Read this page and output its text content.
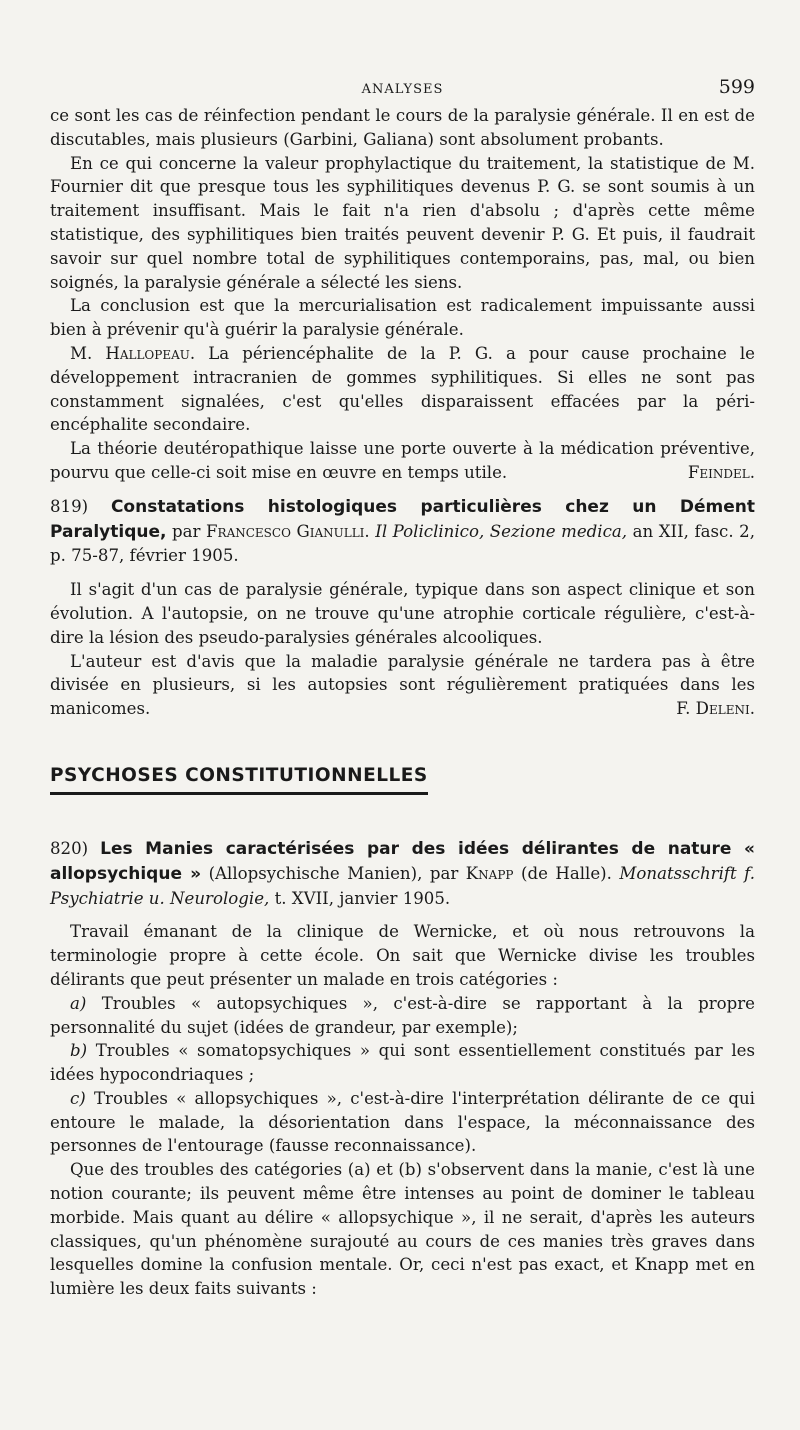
ANALYSES	599

ce sont les cas de réinfection pendant le cours de la paralysie générale. Il en est de discutables, mais plusieurs (Garbini, Galiana) sont absolument probants.

En ce qui concerne la valeur prophylactique du traitement, la statistique de M. Fournier dit que presque tous les syphilitiques devenus P. G. se sont soumis à un traitement insuffisant. Mais le fait n'a rien d'absolu ; d'après cette même statistique, des syphilitiques bien traités peuvent devenir P. G. Et puis, il faudrait savoir sur quel nombre total de syphilitiques contemporains, pas, mal, ou bien soignés, la paralysie générale a sélecté les siens.

La conclusion est que la mercurialisation est radicalement impuissante aussi bien à prévenir qu'à guérir la paralysie générale.

M. Hallopeau. La périencéphalite de la P. G. a pour cause prochaine le développement intracranien de gommes syphilitiques. Si elles ne sont pas constamment signalées, c'est qu'elles disparaissent effacées par la péri-encéphalite secondaire.

La théorie deutéropathique laisse une porte ouverte à la médication préventive, pourvu que celle-ci soit mise en œuvre en temps utile.	Feindel.

819) Constatations histologiques particulières chez un Dément Paralytique, par Francesco Gianulli. Il Policlinico, Sezione medica, an XII, fasc. 2, p. 75-87, février 1905.

Il s'agit d'un cas de paralysie générale, typique dans son aspect clinique et son évolution. A l'autopsie, on ne trouve qu'une atrophie corticale régulière, c'est-à-dire la lésion des pseudo-paralysies générales alcooliques.

L'auteur est d'avis que la maladie paralysie générale ne tardera pas à être divisée en plusieurs, si les autopsies sont régulièrement pratiquées dans les manicomes.	F. Deleni.

PSYCHOSES CONSTITUTIONNELLES

820) Les Manies caractérisées par des idées délirantes de nature « allopsychique » (Allopsychische Manien), par Knapp (de Halle). Monatsschrift f. Psychiatrie u. Neurologie, t. XVII, janvier 1905.

Travail émanant de la clinique de Wernicke, et où nous retrouvons la terminologie propre à cette école. On sait que Wernicke divise les troubles délirants que peut présenter un malade en trois catégories :

a) Troubles « autopsychiques », c'est-à-dire se rapportant à la propre personnalité du sujet (idées de grandeur, par exemple);

b) Troubles « somatopsychiques » qui sont essentiellement constitués par les idées hypocondriaques ;

c) Troubles « allopsychiques », c'est-à-dire l'interprétation délirante de ce qui entoure le malade, la désorientation dans l'espace, la méconnaissance des personnes de l'entourage (fausse reconnaissance).

Que des troubles des catégories (a) et (b) s'observent dans la manie, c'est là une notion courante; ils peuvent même être intenses au point de dominer le tableau morbide. Mais quant au délire « allopsychique », il ne serait, d'après les auteurs classiques, qu'un phénomène surajouté au cours de ces manies très graves dans lesquelles domine la confusion mentale. Or, ceci n'est pas exact, et Knapp met en lumière les deux faits suivants :
